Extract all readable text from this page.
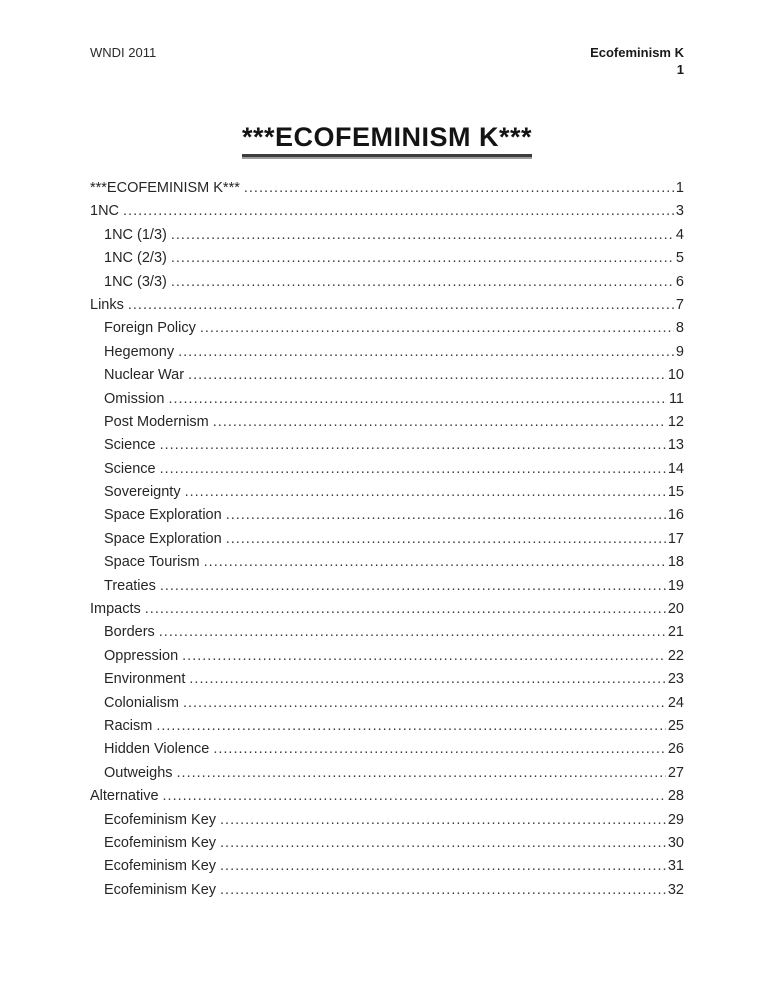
WNDI 2011	Ecofeminism K
1
***ECOFEMINISM K***
***ECOFEMINISM K*** .....	1
1NC .....	3
1NC (1/3) .....	4
1NC (2/3) .....	5
1NC (3/3) .....	6
Links .....	7
Foreign Policy .....	8
Hegemony .....	9
Nuclear War .....	10
Omission .....	11
Post Modernism .....	12
Science .....	13
Science .....	14
Sovereignty .....	15
Space Exploration .....	16
Space Exploration .....	17
Space Tourism .....	18
Treaties .....	19
Impacts .....	20
Borders .....	21
Oppression .....	22
Environment .....	23
Colonialism .....	24
Racism .....	25
Hidden Violence .....	26
Outweighs .....	27
Alternative .....	28
Ecofeminism Key .....	29
Ecofeminism Key .....	30
Ecofeminism Key .....	31
Ecofeminism Key .....	32
